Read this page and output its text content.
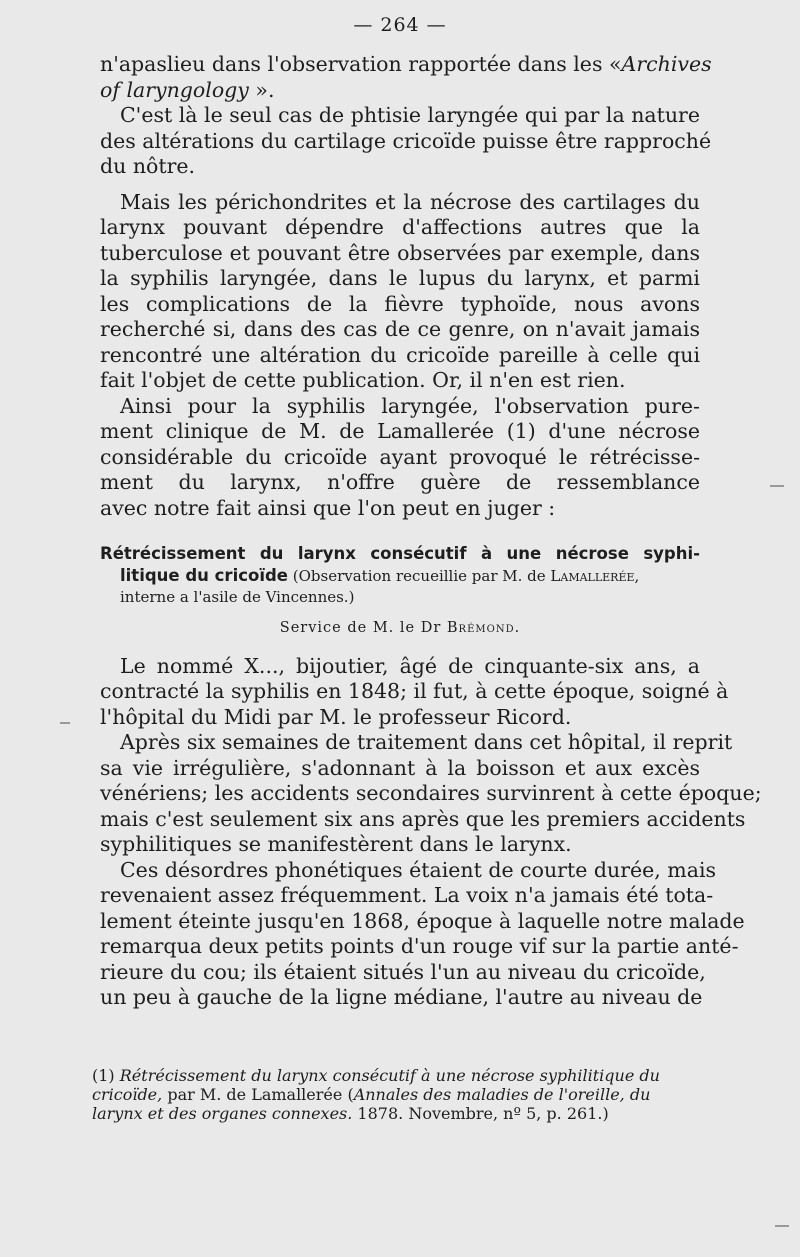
— 264 —

n'apaslieu dans l'observation rapportée dans les «Archives
of laryngology ».

C'est là le seul cas de phtisie laryngée qui par la nature
des altérations du cartilage cricoïde puisse être rapproché
du nôtre.

Mais les périchondrites et la nécrose des cartilages du
larynx pouvant dépendre d'affections autres que la
tuberculose et pouvant être observées par exemple, dans
la syphilis laryngée, dans le lupus du larynx, et parmi
les complications de la fièvre typhoïde, nous avons
recherché si, dans des cas de ce genre, on n'avait jamais
rencontré une altération du cricoïde pareille à celle qui
fait l'objet de cette publication. Or, il n'en est rien.

Ainsi pour la syphilis laryngée, l'observation pure-
ment clinique de M. de Lamallerée (1) d'une nécrose
considérable du cricoïde ayant provoqué le rétrécisse-
ment du larynx, n'offre guère de ressemblance
avec notre fait ainsi que l'on peut en juger :

Rétrécissement du larynx consécutif à une nécrose syphi-
litique du cricoïde (Observation recueillie par M. de Lamallerée,
interne a l'asile de Vincennes.)
Service de M. le Dr Brémond.

Le nommé X..., bijoutier, âgé de cinquante-six ans, a
contracté la syphilis en 1848; il fut, à cette époque, soigné à
l'hôpital du Midi par M. le professeur Ricord.

Après six semaines de traitement dans cet hôpital, il reprit
sa vie irrégulière, s'adonnant à la boisson et aux excès
vénériens; les accidents secondaires survinrent à cette époque;
mais c'est seulement six ans après que les premiers accidents
syphilitiques se manifestèrent dans le larynx.

Ces désordres phonétiques étaient de courte durée, mais
revenaient assez fréquemment. La voix n'a jamais été tota-
lement éteinte jusqu'en 1868, époque à laquelle notre malade
remarqua deux petits points d'un rouge vif sur la partie anté-
rieure du cou; ils étaient situés l'un au niveau du cricoïde,
un peu à gauche de la ligne médiane, l'autre au niveau de

(1) Rétrécissement du larynx consécutif à une nécrose syphilitique du
cricoïde, par M. de Lamallerée (Annales des maladies de l'oreille, du
larynx et des organes connexes. 1878. Novembre, nº 5, p. 261.)
